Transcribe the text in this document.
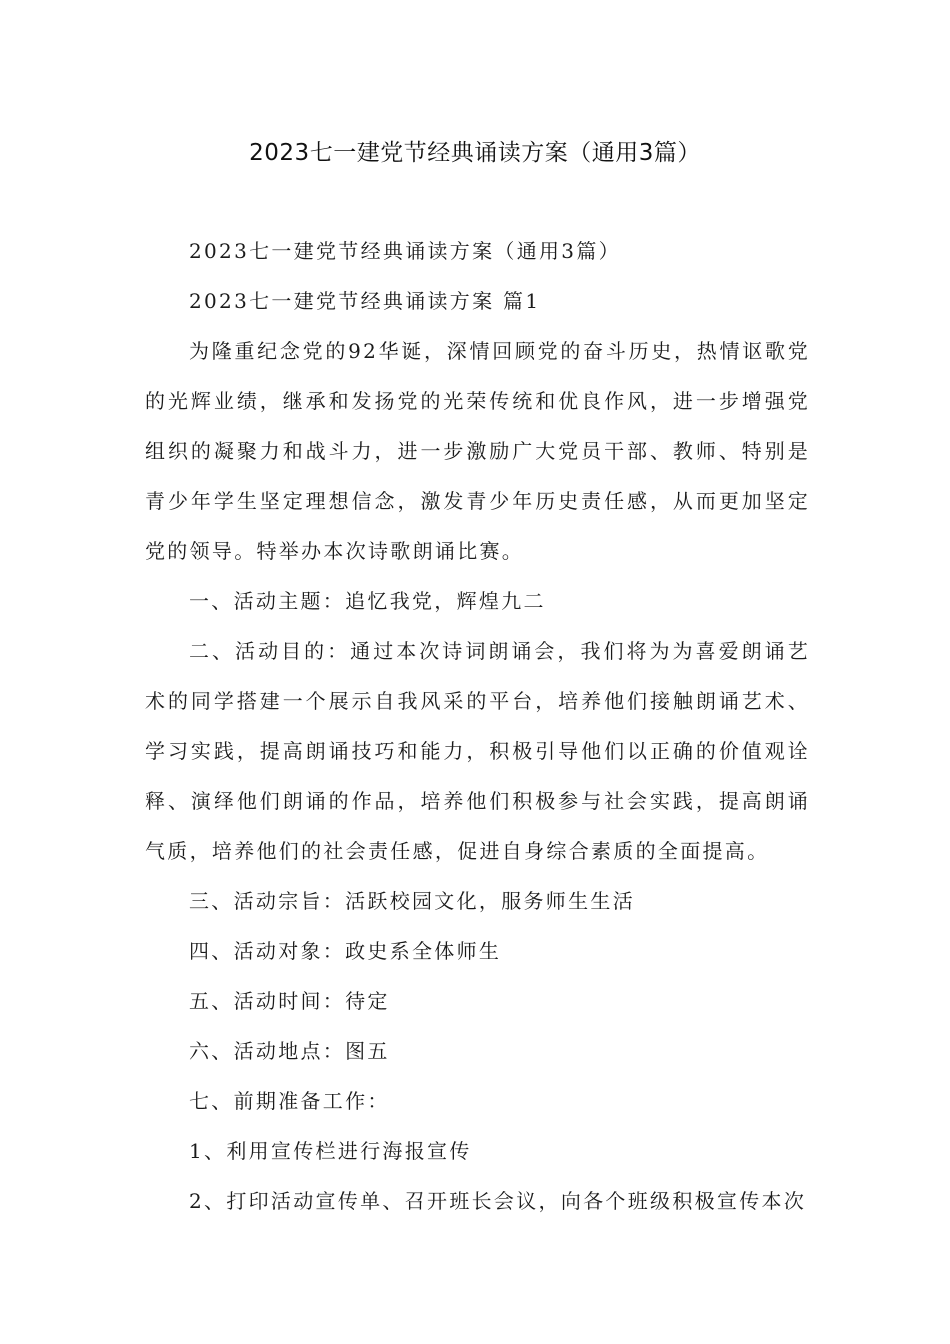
2023七一建党节经典诵读方案（通用3篇）

2023七一建党节经典诵读方案（通用3篇）

2023七一建党节经典诵读方案 篇1

为隆重纪念党的92华诞，深情回顾党的奋斗历史，热情讴歌党的光辉业绩，继承和发扬党的光荣传统和优良作风，进一步增强党组织的凝聚力和战斗力，进一步激励广大党员干部、教师、特别是青少年学生坚定理想信念，激发青少年历史责任感，从而更加坚定党的领导。特举办本次诗歌朗诵比赛。

一、活动主题：追忆我党，辉煌九二

二、活动目的：通过本次诗词朗诵会，我们将为为喜爱朗诵艺术的同学搭建一个展示自我风采的平台，培养他们接触朗诵艺术、学习实践，提高朗诵技巧和能力，积极引导他们以正确的价值观诠释、演绎他们朗诵的作品，培养他们积极参与社会实践，提高朗诵气质，培养他们的社会责任感，促进自身综合素质的全面提高。

三、活动宗旨：活跃校园文化，服务师生生活

四、活动对象：政史系全体师生

五、活动时间：待定

六、活动地点：图五

七、前期准备工作：

1、利用宣传栏进行海报宣传

2、打印活动宣传单、召开班长会议，向各个班级积极宣传本次
